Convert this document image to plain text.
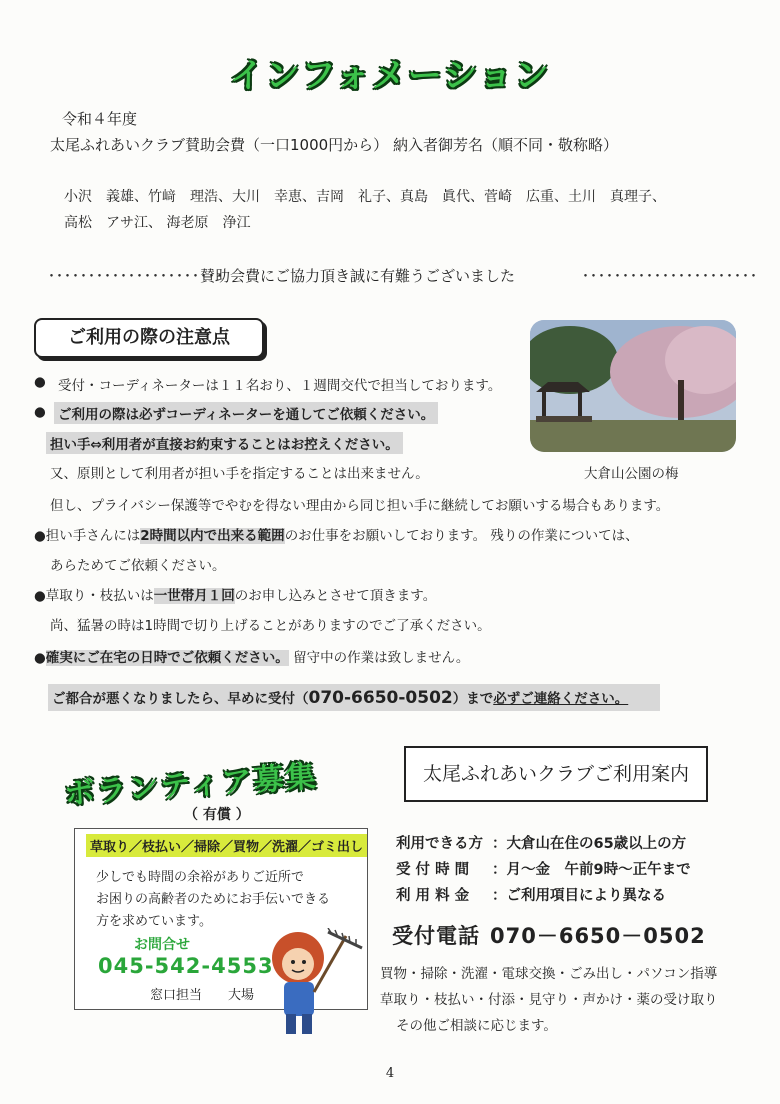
インフォメーション
令和４年度
太尾ふれあいクラブ賛助会費（一口1000円から） 納入者御芳名（順不同・敬称略）
小沢　義雄、竹﨑　理浩、大川　幸恵、吉岡　礼子、真島　眞代、菅崎　広重、土川　真理子、
高松　アサ江、 海老原　浄江
･･････････････････････
賛助会費にご協力頂き誠に有難うございました	･･････････････････････
ご利用の際の注意点
大倉山公園の梅
● 受付・コーディネーターは１１名おり、１週間交代で担当しております。
● ご利用の際は必ずコーディネーターを通してご依頼ください。
担い手⇔利用者が直接お約束することはお控えください。
又、原則として利用者が担い手を指定することは出来ません。
但し、プライバシー保護等でやむを得ない理由から同じ担い手に継続してお願いする場合もあります。
●担い手さんには2時間以内で出来る範囲のお仕事をお願いしております。 残りの作業については、
あらためてご依頼ください。
●草取り・枝払いは一世帯月１回のお申し込みとさせて頂きます。
尚、猛暑の時は1時間で切り上げることがありますのでご了承ください。
●確実にご在宅の日時でご依頼ください。 留守中の作業は致しません。
ご都合が悪くなりましたら、早めに受付（070-6650-0502）まで必ずご連絡ください。
ボランティア募集
（ 有償 ）
草取り／枝払い／掃除／買物／洗濯／ゴミ出し
少しでも時間の余裕がありご近所で
お困りの高齢者のためにお手伝いできる
方を求めています。
お問合せ
045-542-4553
窓口担当　　大場
太尾ふれあいクラブご利用案内
利用できる方 ：大倉山在住の65歳以上の方
受 付 時 間 ：月～金　午前9時～正午まで
利 用 料 金 ：ご利用項目により異なる
受付電話 070－6650－0502
買物・掃除・洗濯・電球交換・ごみ出し・パソコン指導
草取り・枝払い・付添・見守り・声かけ・薬の受け取り
その他ご相談に応じます。
4
